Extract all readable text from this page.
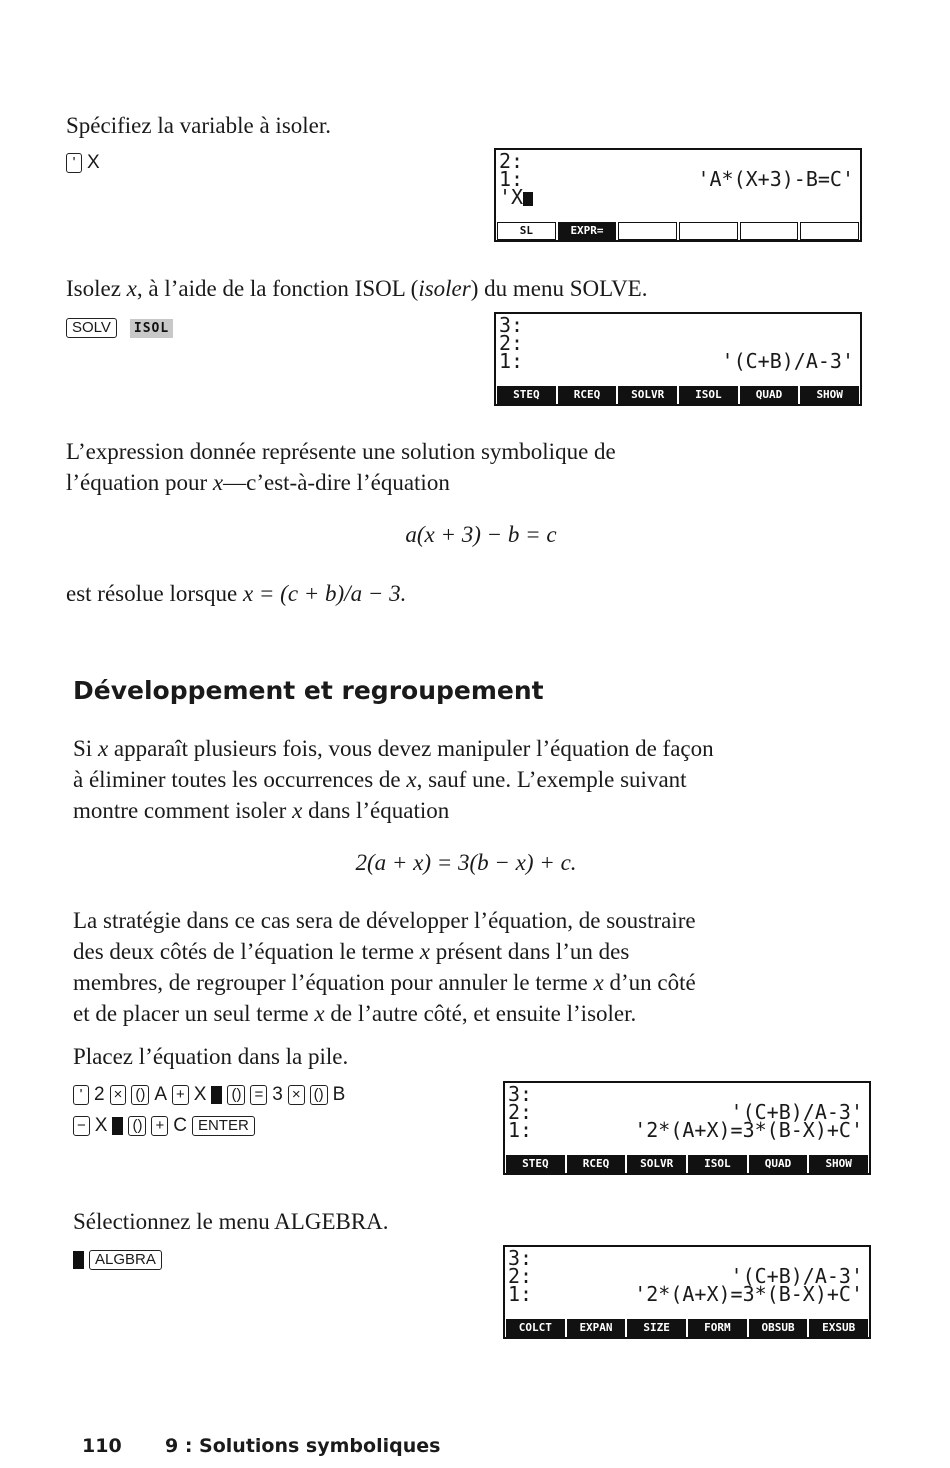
Spécifiez la variable à isoler.
' X	2:
1:	'A*(X+3)-B=C'
'X
SL	EXPR=
Isolez x, à l’aide de la fonction ISOL (isoler) du menu SOLVE.
SOLV	ISOL	3:
2:
1:	'(C+B)/A-3'
STEQ	RCEQ	SOLVR	ISOL	QUAD	SHOW
L’expression donnée représente une solution symbolique de
l’équation pour x—c’est-à-dire l’équation
a(x + 3) − b = c
est résolue lorsque x = (c + b)/a − 3.
Développement et regroupement
Si x apparaît plusieurs fois, vous devez manipuler l’équation de façon
à éliminer toutes les occurrences de x, sauf une. L’exemple suivant
montre comment isoler x dans l’équation
2(a + x) = 3(b − x) + c.
La stratégie dans ce cas sera de développer l’équation, de soustraire
des deux côtés de l’équation le terme x présent dans l’un des
membres, de regrouper l’équation pour annuler le terme x d’un côté
et de placer un seul terme x de l’autre côté, et ensuite l’isoler.
Placez l’équation dans la pile.
' 2 × () A + X () = 3 × () B
− X () + C ENTER
3:
2:	'(C+B)/A-3'
1:	'2*(A+X)=3*(B-X)+C'
STEQ	RCEQ	SOLVR	ISOL	QUAD	SHOW
Sélectionnez le menu ALGEBRA.
ALGBRA	3:
2:	'(C+B)/A-3'
1:	'2*(A+X)=3*(B-X)+C'
COLCT	EXPAN	SIZE	FORM	OBSUB	EXSUB
110 9 : Solutions symboliques
